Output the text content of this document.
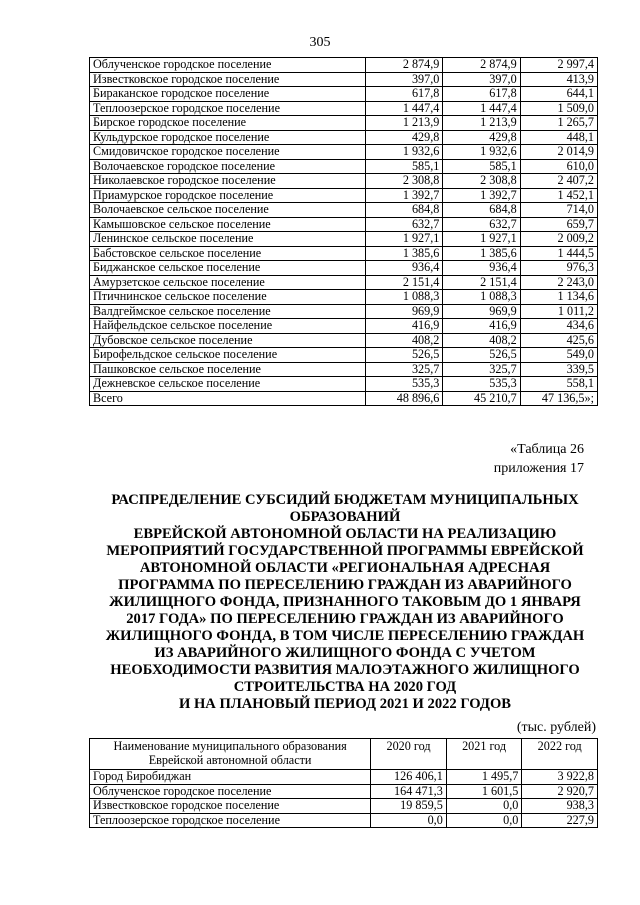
305
Облученское городское поселение	2 874,9	2 874,9	2 997,4
Известковское городское поселение	397,0	397,0	413,9
Бираканское городское поселение	617,8	617,8	644,1
Теплоозерское городское поселение	1 447,4	1 447,4	1 509,0
Бирское городское поселение	1 213,9	1 213,9	1 265,7
Кульдурское городское поселение	429,8	429,8	448,1
Смидовичское городское поселение	1 932,6	1 932,6	2 014,9
Волочаевское городское поселение	585,1	585,1	610,0
Николаевское городское поселение	2 308,8	2 308,8	2 407,2
Приамурское городское поселение	1 392,7	1 392,7	1 452,1
Волочаевское сельское поселение	684,8	684,8	714,0
Камышовское сельское поселение	632,7	632,7	659,7
Ленинское сельское поселение	1 927,1	1 927,1	2 009,2
Бабстовское сельское поселение	1 385,6	1 385,6	1 444,5
Биджанское сельское поселение	936,4	936,4	976,3
Амурзетское сельское поселение	2 151,4	2 151,4	2 243,0
Птичнинское сельское поселение	1 088,3	1 088,3	1 134,6
Валдгеймское сельское поселение	969,9	969,9	1 011,2
Найфельдское сельское поселение	416,9	416,9	434,6
Дубовское сельское поселение	408,2	408,2	425,6
Бирофельдское сельское поселение	526,5	526,5	549,0
Пашковское сельское поселение	325,7	325,7	339,5
Дежневское сельское поселение	535,3	535,3	558,1
Всего	48 896,6	45 210,7	47 136,5»;
«Таблица 26
приложения 17
РАСПРЕДЕЛЕНИЕ СУБСИДИЙ БЮДЖЕТАМ МУНИЦИПАЛЬНЫХ
ОБРАЗОВАНИЙ
ЕВРЕЙСКОЙ АВТОНОМНОЙ ОБЛАСТИ НА РЕАЛИЗАЦИЮ
МЕРОПРИЯТИЙ ГОСУДАРСТВЕННОЙ ПРОГРАММЫ ЕВРЕЙСКОЙ
АВТОНОМНОЙ ОБЛАСТИ «РЕГИОНАЛЬНАЯ АДРЕСНАЯ
ПРОГРАММА ПО ПЕРЕСЕЛЕНИЮ ГРАЖДАН ИЗ АВАРИЙНОГО
ЖИЛИЩНОГО ФОНДА, ПРИЗНАННОГО ТАКОВЫМ ДО 1 ЯНВАРЯ
2017 ГОДА» ПО ПЕРЕСЕЛЕНИЮ ГРАЖДАН ИЗ АВАРИЙНОГО
ЖИЛИЩНОГО ФОНДА, В ТОМ ЧИСЛЕ ПЕРЕСЕЛЕНИЮ ГРАЖДАН
ИЗ АВАРИЙНОГО ЖИЛИЩНОГО ФОНДА С УЧЕТОМ
НЕОБХОДИМОСТИ РАЗВИТИЯ МАЛОЭТАЖНОГО ЖИЛИЩНОГО
СТРОИТЕЛЬСТВА НА 2020 ГОД
И НА ПЛАНОВЫЙ ПЕРИОД 2021 И 2022 ГОДОВ
(тыс. рублей)
Наименование муниципального образования Еврейской автономной области	2020 год	2021 год	2022 год
Город Биробиджан	126 406,1	1 495,7	3 922,8
Облученское городское поселение	164 471,3	1 601,5	2 920,7
Известковское городское поселение	19 859,5	0,0	938,3
Теплоозерское городское поселение	0,0	0,0	227,9
